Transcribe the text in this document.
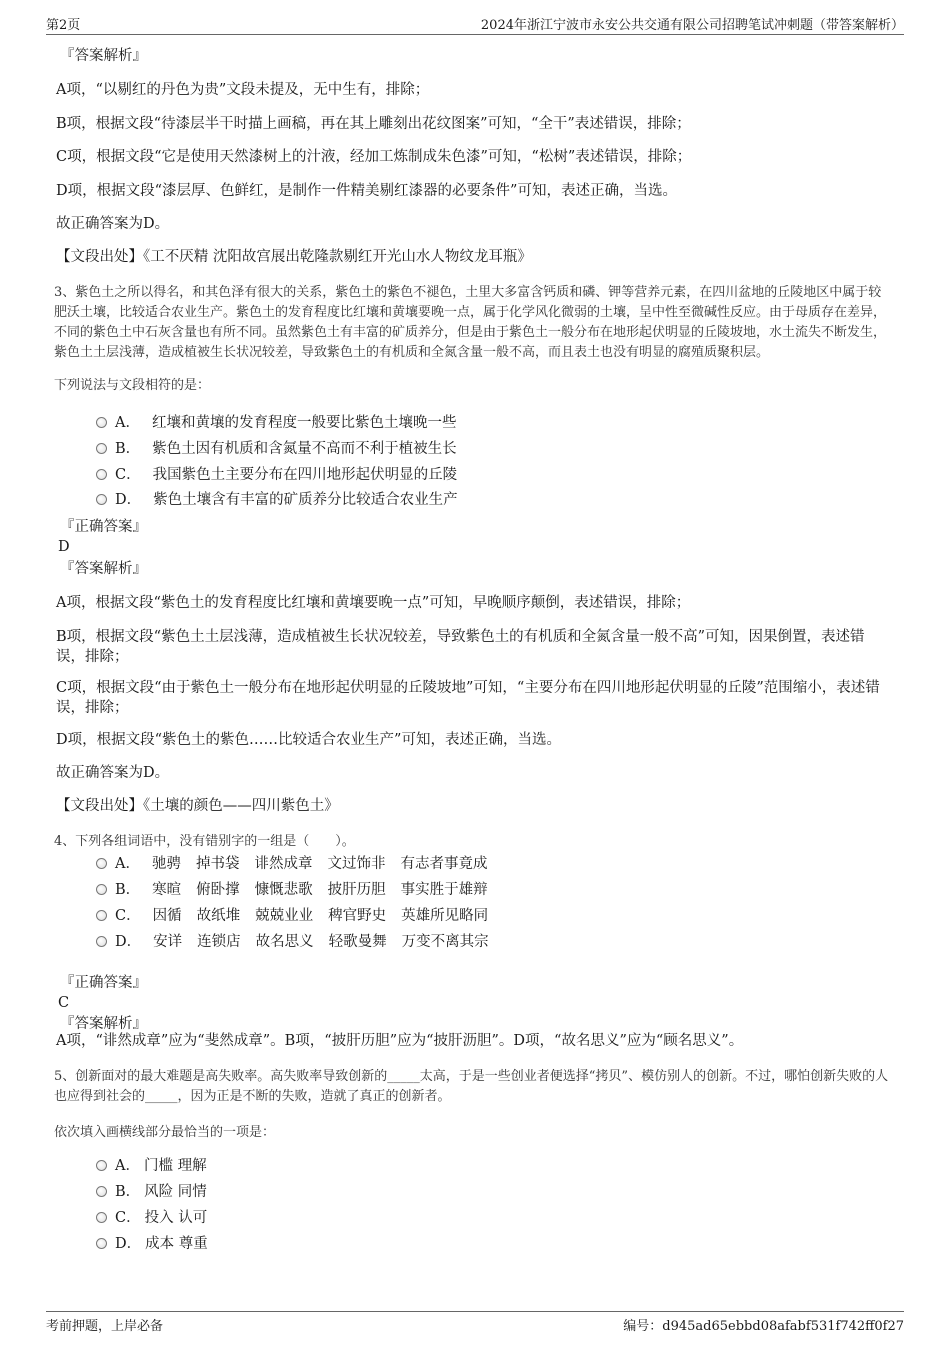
第2页	2024年浙江宁波市永安公共交通有限公司招聘笔试冲刺题（带答案解析）
『答案解析』
A项，“以剔红的丹色为贵”文段未提及，无中生有，排除；
B项，根据文段“待漆层半干时描上画稿，再在其上雕刻出花纹图案”可知，“全干”表述错误，排除；
C项，根据文段“它是使用天然漆树上的汁液，经加工炼制成朱色漆”可知，“松树”表述错误，排除；
D项，根据文段“漆层厚、色鲜红，是制作一件精美剔红漆器的必要条件”可知，表述正确，当选。
故正确答案为D。
【文段出处】《工不厌精 沈阳故宫展出乾隆款剔红开光山水人物纹龙耳瓶》
3、紫色土之所以得名，和其色泽有很大的关系，紫色土的紫色不褪色，土里大多富含钙质和磷、钾等营养元素，在四川盆地的丘陵地区中属于较肥沃土壤，比较适合农业生产。紫色土的发育程度比红壤和黄壤要晚一点，属于化学风化微弱的土壤，呈中性至微碱性反应。由于母质存在差异，不同的紫色土中石灰含量也有所不同。虽然紫色土有丰富的矿质养分，但是由于紫色土一般分布在地形起伏明显的丘陵坡地，水土流失不断发生，紫色土土层浅薄，造成植被生长状况较差，导致紫色土的有机质和全氮含量一般不高，而且表土也没有明显的腐殖质聚积层。
下列说法与文段相符的是：
A． 红壤和黄壤的发育程度一般要比紫色土壤晚一些
B． 紫色土因有机质和含氮量不高而不利于植被生长
C． 我国紫色土主要分布在四川地形起伏明显的丘陵
D． 紫色土壤含有丰富的矿质养分比较适合农业生产
『正确答案』
D
『答案解析』
A项，根据文段“紫色土的发育程度比红壤和黄壤要晚一点”可知，早晚顺序颠倒，表述错误，排除；
B项，根据文段“紫色土土层浅薄，造成植被生长状况较差，导致紫色土的有机质和全氮含量一般不高”可知，因果倒置，表述错误，排除；
C项，根据文段“由于紫色土一般分布在地形起伏明显的丘陵坡地”可知，“主要分布在四川地形起伏明显的丘陵”范围缩小，表述错误，排除；
D项，根据文段“紫色土的紫色……比较适合农业生产”可知，表述正确，当选。
故正确答案为D。
【文段出处】《土壤的颜色——四川紫色土》
4、下列各组词语中，没有错别字的一组是（　　）。
A． 驰骋 掉书袋 诽然成章 文过饰非 有志者事竟成
B． 寒暄 俯卧撑 慷慨悲歌 披肝历胆 事实胜于雄辩
C． 因循 故纸堆 兢兢业业 稗官野史 英雄所见略同
D． 安详 连锁店 故名思义 轻歌曼舞 万变不离其宗
『正确答案』
C
『答案解析』
A项，“诽然成章”应为“斐然成章”。B项，“披肝历胆”应为“披肝沥胆”。D项，“故名思义”应为“顾名思义”。
5、创新面对的最大难题是高失败率。高失败率导致创新的_____太高，于是一些创业者便选择“拷贝”、模仿别人的创新。不过，哪怕创新失败的人也应得到社会的_____，因为正是不断的失败，造就了真正的创新者。
依次填入画横线部分最恰当的一项是：
A． 门槛 理解
B． 风险 同情
C． 投入 认可
D． 成本 尊重
考前押题，上岸必备	编号：d945ad65ebbd08afabf531f742ff0f27
